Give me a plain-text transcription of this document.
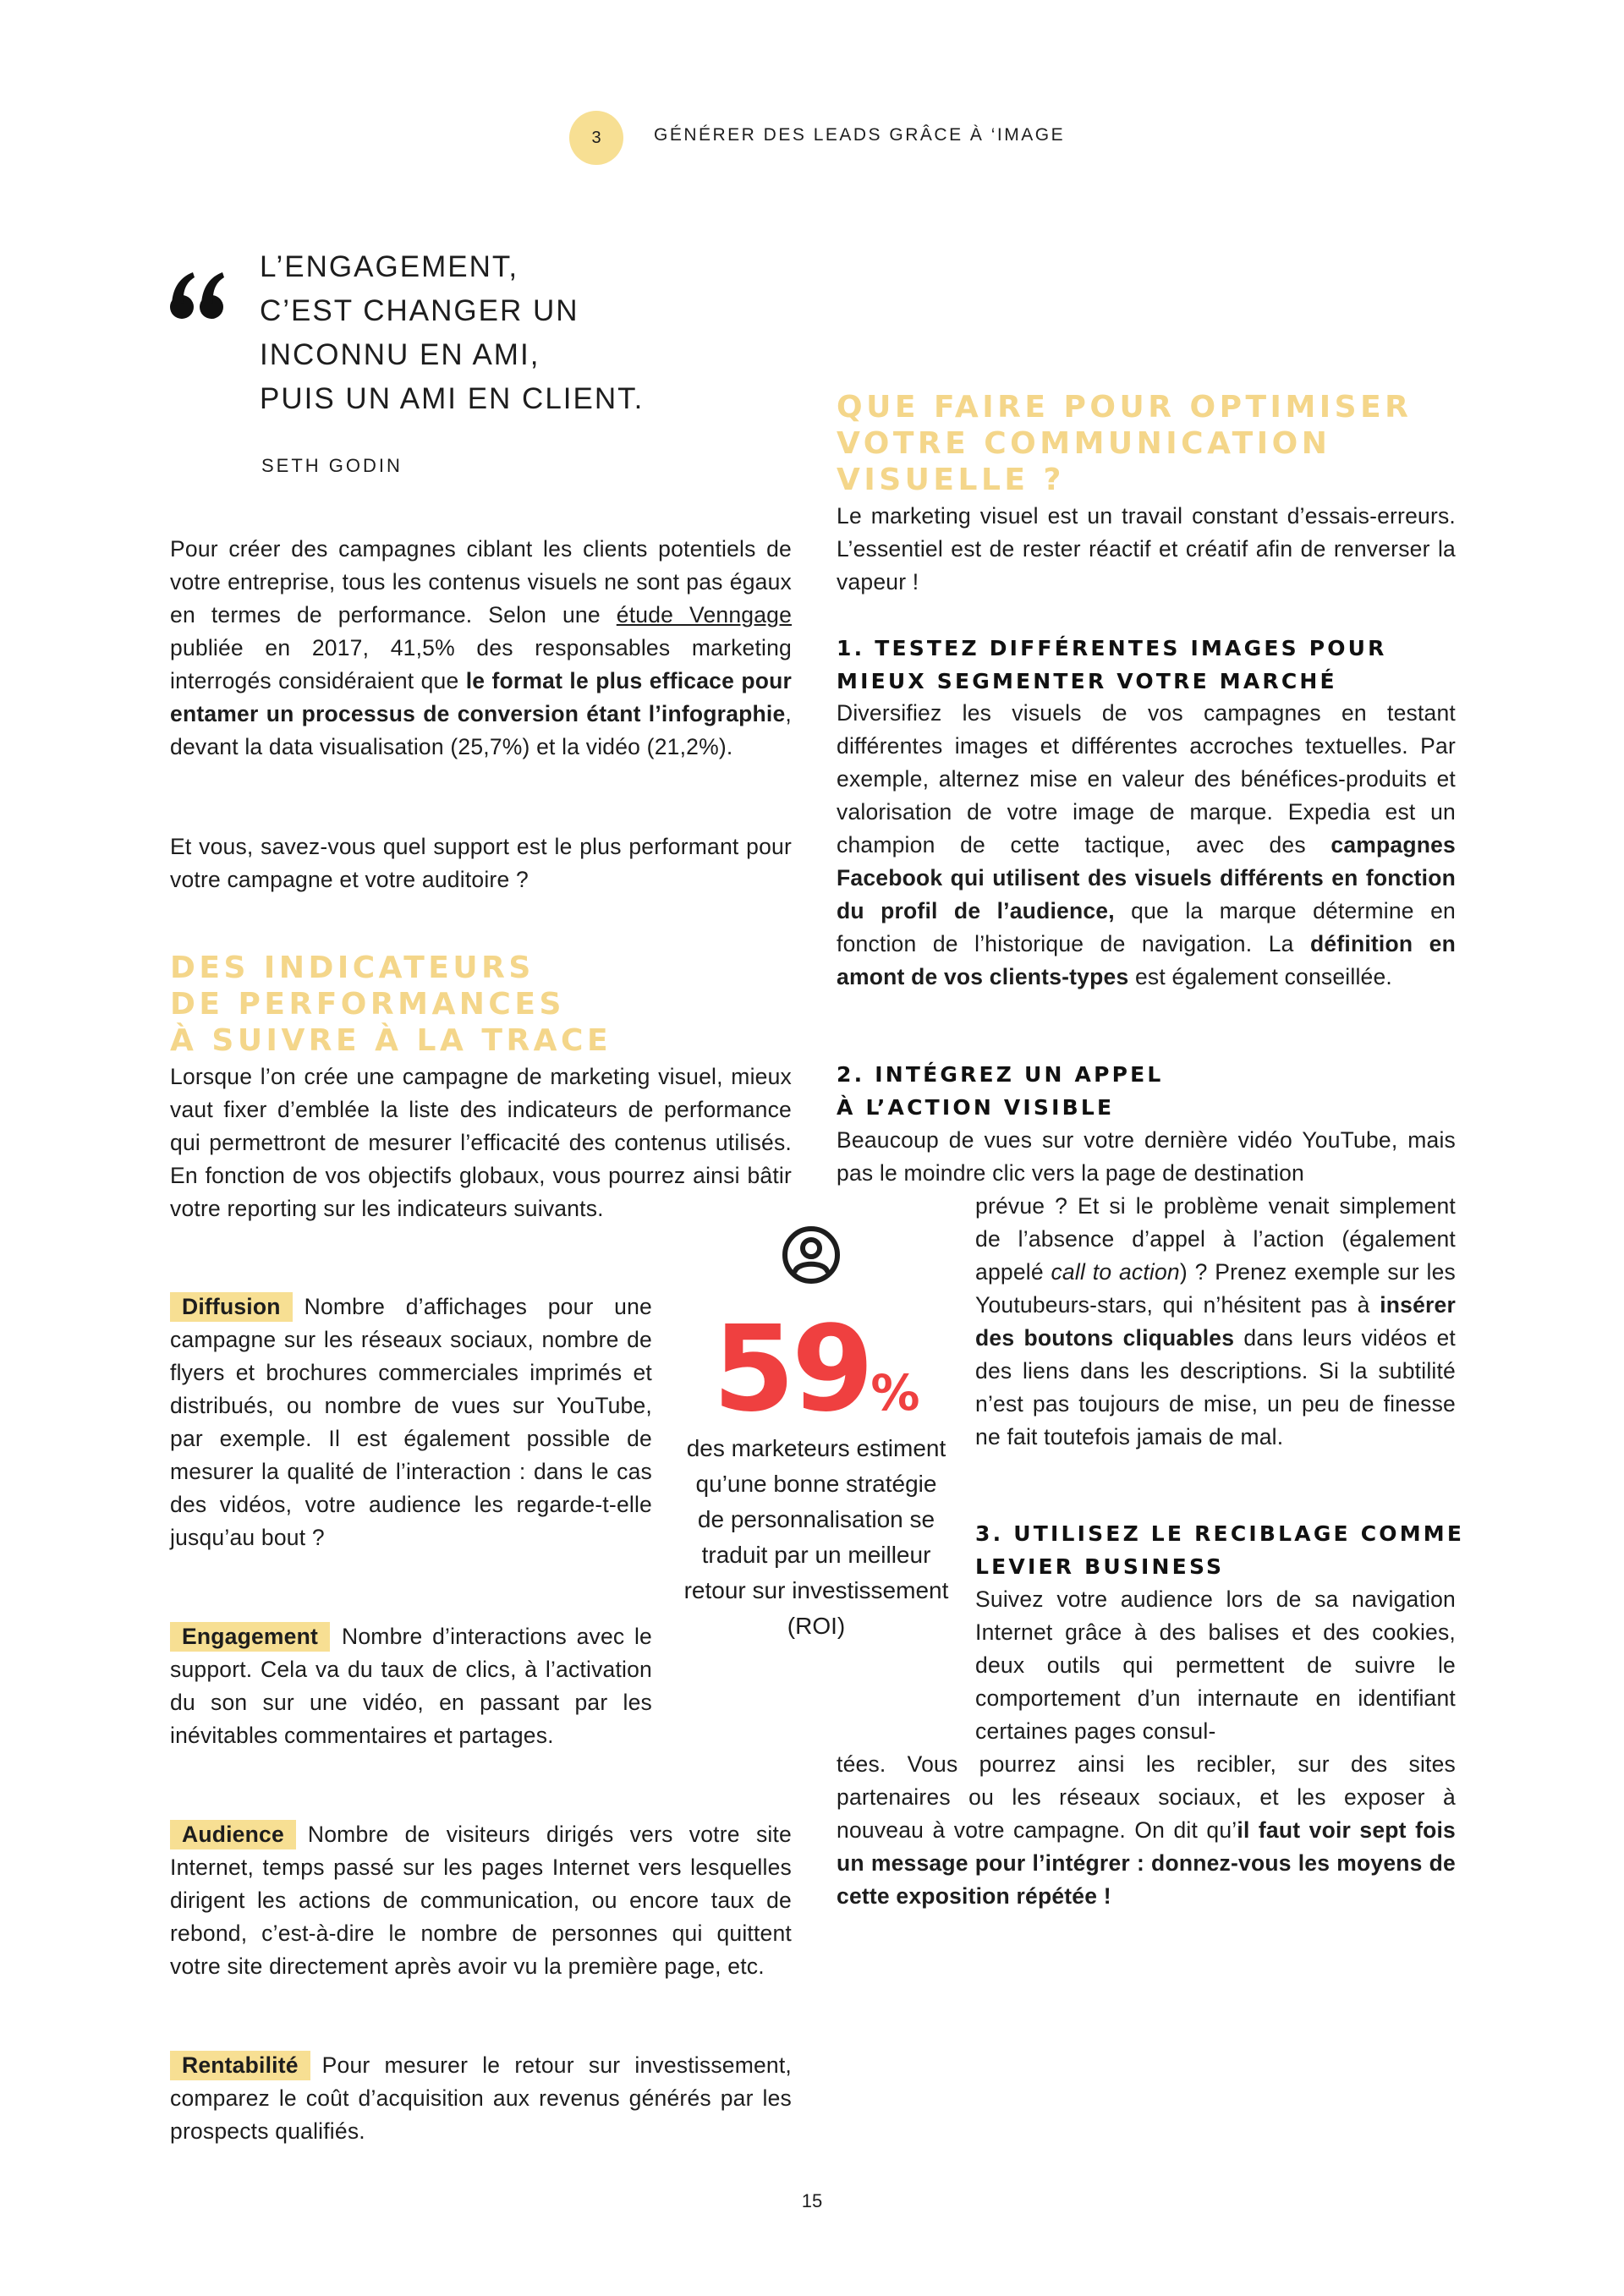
3	GÉNÉRER DES LEADS GRÂCE À ‘IMAGE

L’ENGAGEMENT,
C’EST CHANGER UN
INCONNU EN AMI,
PUIS UN AMI EN CLIENT.

SETH GODIN

Pour créer des campagnes ciblant les clients potentiels de votre entreprise, tous les contenus visuels ne sont pas égaux en termes de performance. Selon une étude Venngage publiée en 2017, 41,5% des responsables marketing interrogés considéraient que le format le plus efficace pour entamer un processus de conversion étant l’infographie, devant la data visualisation (25,7%) et la vidéo (21,2%).

Et vous, savez-vous quel support est le plus performant pour votre campagne et votre auditoire ?

DES INDICATEURS
DE PERFORMANCES
À SUIVRE À LA TRACE

Lorsque l’on crée une campagne de marketing visuel, mieux vaut fixer d’emblée la liste des indicateurs de performance qui permettront de mesurer l’efficacité des contenus utilisés. En fonction de vos objectifs globaux, vous pourrez ainsi bâtir votre reporting sur les indicateurs suivants.

Diffusion Nombre d’affichages pour une campagne sur les réseaux sociaux, nombre de flyers et brochures commerciales imprimés et distribués, ou nombre de vues sur YouTube, par exemple. Il est également possible de mesurer la qualité de l’interaction : dans le cas des vidéos, votre audience les regarde-t-elle jusqu’au bout ?

Engagement Nombre d’interactions avec le support. Cela va du taux de clics, à l’activation du son sur une vidéo, en passant par les inévitables commentaires et partages.

Audience Nombre de visiteurs dirigés vers votre site Internet, temps passé sur les pages Internet vers lesquelles dirigent les actions de communication, ou encore taux de rebond, c’est-à-dire le nombre de personnes qui quittent votre site directement après avoir vu la première page, etc.

Rentabilité Pour mesurer le retour sur investissement, comparez le coût d’acquisition aux revenus générés par les prospects qualifiés.

59%

des marketeurs estiment qu’une bonne stratégie de personnalisation se traduit par un meilleur retour sur investissement (ROI)

QUE FAIRE POUR OPTIMISER
VOTRE COMMUNICATION
VISUELLE ?

Le marketing visuel est un travail constant d’essais-erreurs. L’essentiel est de rester réactif et créatif afin de renverser la vapeur !

1. TESTEZ DIFFÉRENTES IMAGES POUR
MIEUX SEGMENTER VOTRE MARCHÉ

Diversifiez les visuels de vos campagnes en testant différentes images et différentes accroches textuelles. Par exemple, alternez mise en valeur des bénéfices-produits et valorisation de votre image de marque. Expedia est un champion de cette tactique, avec des campagnes Facebook qui utilisent des visuels différents en fonction du profil de l’audience, que la marque détermine en fonction de l’historique de navigation. La définition en amont de vos clients-types est également conseillée.

2. INTÉGREZ UN APPEL
À L’ACTION VISIBLE

Beaucoup de vues sur votre dernière vidéo YouTube, mais pas le moindre clic vers la page de destination

prévue ? Et si le problème venait simplement de l’absence d’appel à l’action (également appelé call to action) ? Prenez exemple sur les Youtubeurs-stars, qui n’hésitent pas à insérer des boutons cliquables dans leurs vidéos et des liens dans les descriptions. Si la subtilité n’est pas toujours de mise, un peu de finesse ne fait toutefois jamais de mal.

3. UTILISEZ LE RECIBLAGE COMME
LEVIER BUSINESS

Suivez votre audience lors de sa navigation Internet grâce à des balises et des cookies, deux outils qui permettent de suivre le comportement d’un internaute en identifiant certaines pages consul-

tées. Vous pourrez ainsi les recibler, sur des sites partenaires ou les réseaux sociaux, et les exposer à nouveau à votre campagne. On dit qu’il faut voir sept fois un message pour l’intégrer : donnez-vous les moyens de cette exposition répétée !

15
